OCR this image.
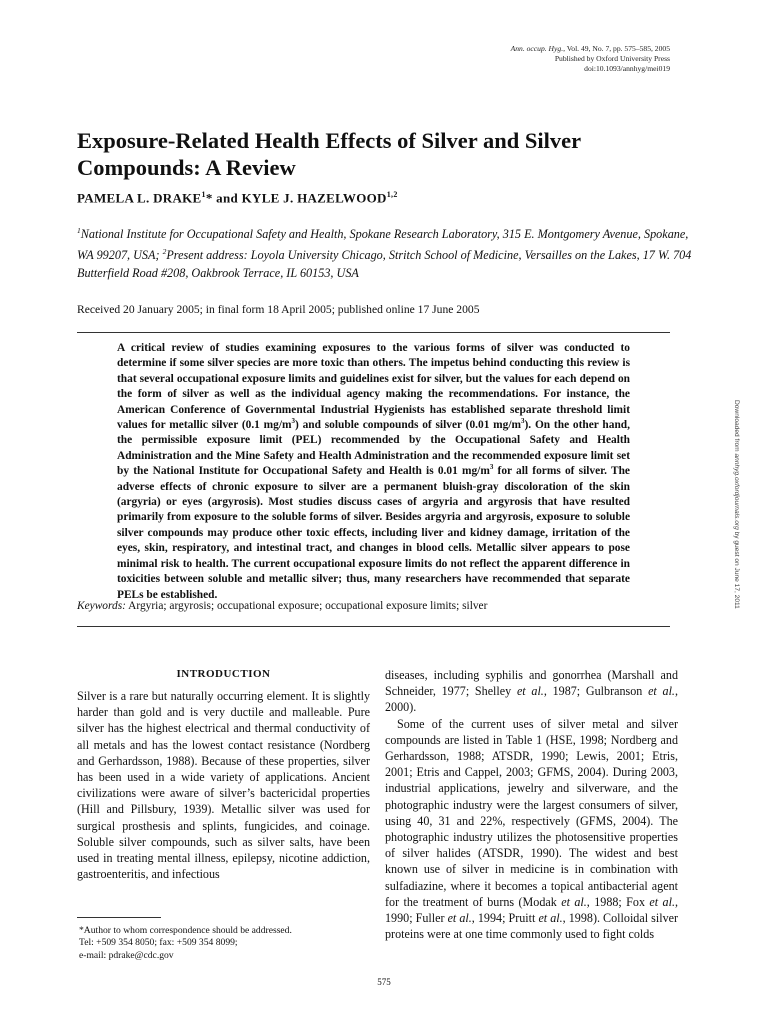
Ann. occup. Hyg., Vol. 49, No. 7, pp. 575–585, 2005
Published by Oxford University Press
doi:10.1093/annhyg/mei019
Exposure-Related Health Effects of Silver and Silver Compounds: A Review
PAMELA L. DRAKE$^1$* and KYLE J. HAZELWOOD$^{1,2}$
$^1$National Institute for Occupational Safety and Health, Spokane Research Laboratory, 315 E. Montgomery Avenue, Spokane, WA 99207, USA; $^2$Present address: Loyola University Chicago, Stritch School of Medicine, Versailles on the Lakes, 17 W. 704 Butterfield Road #208, Oakbrook Terrace, IL 60153, USA
Received 20 January 2005; in final form 18 April 2005; published online 17 June 2005
A critical review of studies examining exposures to the various forms of silver was conducted to determine if some silver species are more toxic than others. The impetus behind conducting this review is that several occupational exposure limits and guidelines exist for silver, but the values for each depend on the form of silver as well as the individual agency making the recommendations. For instance, the American Conference of Governmental Industrial Hygienists has established separate threshold limit values for metallic silver (0.1 $mg/m^3$) and soluble compounds of silver (0.01 $mg/m^3$). On the other hand, the permissible exposure limit (PEL) recommended by the Occupational Safety and Health Administration and the Mine Safety and Health Administration and the recommended exposure limit set by the National Institute for Occupational Safety and Health is 0.01 $mg/m^3$ for all forms of silver. The adverse effects of chronic exposure to silver are a permanent bluish-gray discoloration of the skin (argyria) or eyes (argyrosis). Most studies discuss cases of argyria and argyrosis that have resulted primarily from exposure to the soluble forms of silver. Besides argyria and argyrosis, exposure to soluble silver compounds may produce other toxic effects, including liver and kidney damage, irritation of the eyes, skin, respiratory, and intestinal tract, and changes in blood cells. Metallic silver appears to pose minimal risk to health. The current occupational exposure limits do not reflect the apparent difference in toxicities between soluble and metallic silver; thus, many researchers have recommended that separate PELs be established.
Keywords: Argyria; argyrosis; occupational exposure; occupational exposure limits; silver
Downloaded from annhyg.oxfordjournals.org by guest on June 17, 2011
INTRODUCTION

Silver is a rare but naturally occurring element. It is slightly harder than gold and is very ductile and malleable. Pure silver has the highest electrical and thermal conductivity of all metals and has the lowest contact resistance (Nordberg and Gerhardsson, 1988). Because of these properties, silver has been used in a wide variety of applications. Ancient civilizations were aware of silver’s bactericidal properties (Hill and Pillsbury, 1939). Metallic silver was used for surgical prosthesis and splints, fungicides, and coinage. Soluble silver compounds, such as silver salts, have been used in treating mental illness, epilepsy, nicotine addiction, gastroenteritis, and infectious

diseases, including syphilis and gonorrhea (Marshall and Schneider, 1977; Shelley et al., 1987; Gulbranson et al., 2000).

Some of the current uses of silver metal and silver compounds are listed in Table 1 (HSE, 1998; Nordberg and Gerhardsson, 1988; ATSDR, 1990; Lewis, 2001; Etris, 2001; Etris and Cappel, 2003; GFMS, 2004). During 2003, industrial applications, jewelry and silverware, and the photographic industry were the largest consumers of silver, using 40, 31 and 22%, respectively (GFMS, 2004). The photographic industry utilizes the photosensitive properties of silver halides (ATSDR, 1990). The widest and best known use of silver in medicine is in combination with sulfadiazine, where it becomes a topical antibacterial agent for the treatment of burns (Modak et al., 1988; Fox et al., 1990; Fuller et al., 1994; Pruitt et al., 1998). Colloidal silver proteins were at one time commonly used to fight colds

*Author to whom correspondence should be addressed.

Tel: +509 354 8050; fax: +509 354 8099;

e-mail: pdrake@cdc.gov

575
